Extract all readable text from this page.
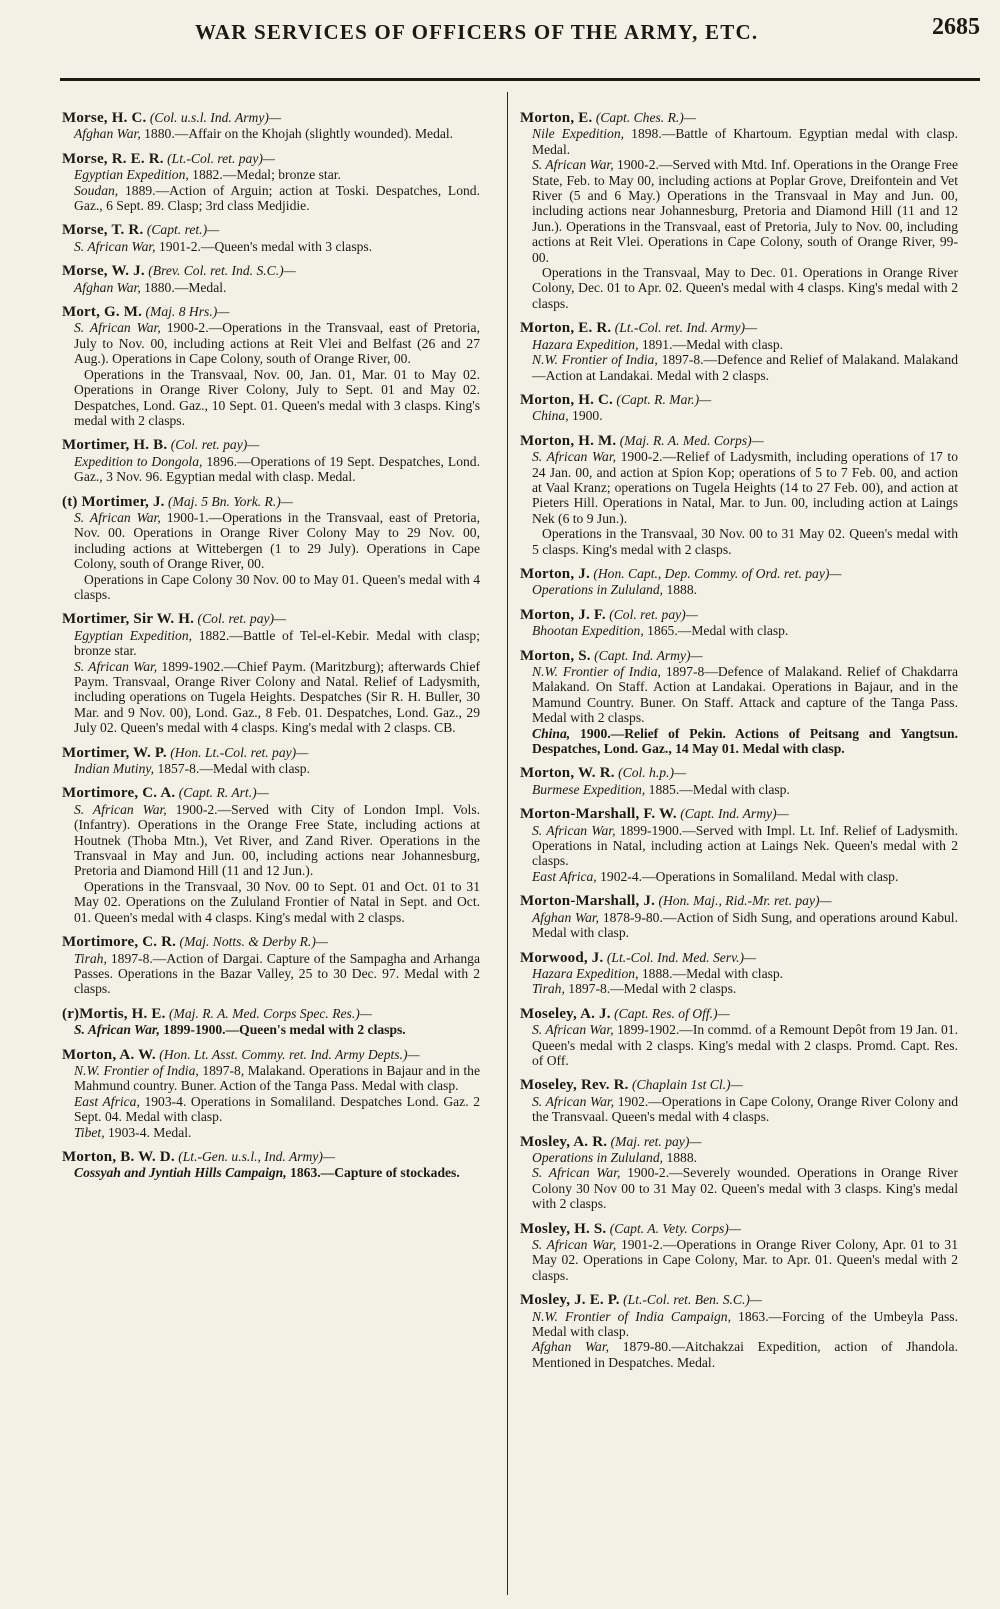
WAR SERVICES OF OFFICERS OF THE ARMY, ETC.	2685
Morse, H. C. (Col. u.s.l. Ind. Army)—
Afghan War, 1880.—Affair on the Khojah (slightly wounded). Medal.
Morse, R. E. R. (Lt.-Col. ret. pay)—
Egyptian Expedition, 1882.—Medal; bronze star.
Soudan, 1889.—Action of Arguin; action at Toski. Despatches, Lond. Gaz., 6 Sept. 89. Clasp; 3rd class Medjidie.
Morse, T. R. (Capt. ret.)—
S. African War, 1901-2.—Queen's medal with 3 clasps.
Morse, W. J. (Brev. Col. ret. Ind. S.C.)—
Afghan War, 1880.—Medal.
Mort, G. M. (Maj. 8 Hrs.)—
S. African War, 1900-2.—Operations in the Transvaal, east of Pretoria, July to Nov. 00, including actions at Reit Vlei and Belfast (26 and 27 Aug.). Operations in Cape Colony, south of Orange River, 00.
Operations in the Transvaal, Nov. 00, Jan. 01, Mar. 01 to May 02. Operations in Orange River Colony, July to Sept. 01 and May 02. Despatches, Lond. Gaz., 10 Sept. 01. Queen's medal with 3 clasps. King's medal with 2 clasps.
Mortimer, H. B. (Col. ret. pay)—
Expedition to Dongola, 1896.—Operations of 19 Sept. Despatches, Lond. Gaz., 3 Nov. 96. Egyptian medal with clasp. Medal.
(t) Mortimer, J. (Maj. 5 Bn. York. R.)—
S. African War, 1900-1.—Operations in the Transvaal, east of Pretoria, Nov. 00. Operations in Orange River Colony May to 29 Nov. 00, including actions at Wittebergen (1 to 29 July). Operations in Cape Colony, south of Orange River, 00.
Operations in Cape Colony 30 Nov. 00 to May 01. Queen's medal with 4 clasps.
Mortimer, Sir W. H. (Col. ret. pay)—
Egyptian Expedition, 1882.—Battle of Tel-el-Kebir. Medal with clasp; bronze star.
S. African War, 1899-1902.—Chief Paym. (Maritzburg); afterwards Chief Paym. Transvaal, Orange River Colony and Natal. Relief of Ladysmith, including operations on Tugela Heights. Despatches (Sir R. H. Buller, 30 Mar. and 9 Nov. 00), Lond. Gaz., 8 Feb. 01. Despatches, Lond. Gaz., 29 July 02. Queen's medal with 4 clasps. King's medal with 2 clasps. CB.
Mortimer, W. P. (Hon. Lt.-Col. ret. pay)—
Indian Mutiny, 1857-8.—Medal with clasp.
Mortimore, C. A. (Capt. R. Art.)—
S. African War, 1900-2.—Served with City of London Impl. Vols. (Infantry). Operations in the Orange Free State, including actions at Houtnek (Thoba Mtn.), Vet River, and Zand River. Operations in the Transvaal in May and Jun. 00, including actions near Johannesburg, Pretoria and Diamond Hill (11 and 12 Jun.).
Operations in the Transvaal, 30 Nov. 00 to Sept. 01 and Oct. 01 to 31 May 02. Operations on the Zululand Frontier of Natal in Sept. and Oct. 01. Queen's medal with 4 clasps. King's medal with 2 clasps.
Mortimore, C. R. (Maj. Notts. & Derby R.)—
Tirah, 1897-8.—Action of Dargai. Capture of the Sampagha and Arhanga Passes. Operations in the Bazar Valley, 25 to 30 Dec. 97. Medal with 2 clasps.
(r)Mortis, H. E. (Maj. R. A. Med. Corps Spec. Res.)—
S. African War, 1899-1900.—Queen's medal with 2 clasps.
Morton, A. W. (Hon. Lt. Asst. Commy. ret. Ind. Army Depts.)—
N.W. Frontier of India, 1897-8, Malakand. Operations in Bajaur and in the Mahmund country. Buner. Action of the Tanga Pass. Medal with clasp.
East Africa, 1903-4. Operations in Somaliland. Despatches Lond. Gaz. 2 Sept. 04. Medal with clasp.
Tibet, 1903-4. Medal.
Morton, B. W. D. (Lt.-Gen. u.s.l., Ind. Army)—
Cossyah and Jyntiah Hills Campaign, 1863.—Capture of stockades.
Morton, E. (Capt. Ches. R.)—
Nile Expedition, 1898.—Battle of Khartoum. Egyptian medal with clasp. Medal.
S. African War, 1900-2.—Served with Mtd. Inf. Operations in the Orange Free State, Feb. to May 00, including actions at Poplar Grove, Dreifontein and Vet River (5 and 6 May.) Operations in the Transvaal in May and Jun. 00, including actions near Johannesburg, Pretoria and Diamond Hill (11 and 12 Jun.). Operations in the Transvaal, east of Pretoria, July to Nov. 00, including actions at Reit Vlei. Operations in Cape Colony, south of Orange River, 99-00.
Operations in the Transvaal, May to Dec. 01. Operations in Orange River Colony, Dec. 01 to Apr. 02. Queen's medal with 4 clasps. King's medal with 2 clasps.
Morton, E. R. (Lt.-Col. ret. Ind. Army)—
Hazara Expedition, 1891.—Medal with clasp.
N.W. Frontier of India, 1897-8.—Defence and Relief of Malakand. Malakand—Action at Landakai. Medal with 2 clasps.
Morton, H. C. (Capt. R. Mar.)—
China, 1900.
Morton, H. M. (Maj. R. A. Med. Corps)—
S. African War, 1900-2.—Relief of Ladysmith, including operations of 17 to 24 Jan. 00, and action at Spion Kop; operations of 5 to 7 Feb. 00, and action at Vaal Kranz; operations on Tugela Heights (14 to 27 Feb. 00), and action at Pieters Hill. Operations in Natal, Mar. to Jun. 00, including action at Laings Nek (6 to 9 Jun.).
Operations in the Transvaal, 30 Nov. 00 to 31 May 02. Queen's medal with 5 clasps. King's medal with 2 clasps.
Morton, J. (Hon. Capt., Dep. Commy. of Ord. ret. pay)—
Operations in Zululand, 1888.
Morton, J. F. (Col. ret. pay)—
Bhootan Expedition, 1865.—Medal with clasp.
Morton, S. (Capt. Ind. Army)—
N.W. Frontier of India, 1897-8—Defence of Malakand. Relief of Chakdarra Malakand. On Staff. Action at Landakai. Operations in Bajaur, and in the Mamund Country. Buner. On Staff. Attack and capture of the Tanga Pass. Medal with 2 clasps.
China, 1900.—Relief of Pekin. Actions of Peitsang and Yangtsun. Despatches, Lond. Gaz., 14 May 01. Medal with clasp.
Morton, W. R. (Col. h.p.)—
Burmese Expedition, 1885.—Medal with clasp.
Morton-Marshall, F. W. (Capt. Ind. Army)—
S. African War, 1899-1900.—Served with Impl. Lt. Inf. Relief of Ladysmith. Operations in Natal, including action at Laings Nek. Queen's medal with 2 clasps.
East Africa, 1902-4.—Operations in Somaliland. Medal with clasp.
Morton-Marshall, J. (Hon. Maj., Rid.-Mr. ret. pay)—
Afghan War, 1878-9-80.—Action of Sidh Sung, and operations around Kabul. Medal with clasp.
Morwood, J. (Lt.-Col. Ind. Med. Serv.)—
Hazara Expedition, 1888.—Medal with clasp.
Tirah, 1897-8.—Medal with 2 clasps.
Moseley, A. J. (Capt. Res. of Off.)—
S. African War, 1899-1902.—In commd. of a Remount Depôt from 19 Jan. 01. Queen's medal with 2 clasps. King's medal with 2 clasps. Promd. Capt. Res. of Off.
Moseley, Rev. R. (Chaplain 1st Cl.)—
S. African War, 1902.—Operations in Cape Colony, Orange River Colony and the Transvaal. Queen's medal with 4 clasps.
Mosley, A. R. (Maj. ret. pay)—
Operations in Zululand, 1888.
S. African War, 1900-2.—Severely wounded. Operations in Orange River Colony 30 Nov 00 to 31 May 02. Queen's medal with 3 clasps. King's medal with 2 clasps.
Mosley, H. S. (Capt. A. Vety. Corps)—
S. African War, 1901-2.—Operations in Orange River Colony, Apr. 01 to 31 May 02. Operations in Cape Colony, Mar. to Apr. 01. Queen's medal with 2 clasps.
Mosley, J. E. P. (Lt.-Col. ret. Ben. S.C.)—
N.W. Frontier of India Campaign, 1863.—Forcing of the Umbeyla Pass. Medal with clasp.
Afghan War, 1879-80.—Aitchakzai Expedition, action of Jhandola. Mentioned in Despatches. Medal.
